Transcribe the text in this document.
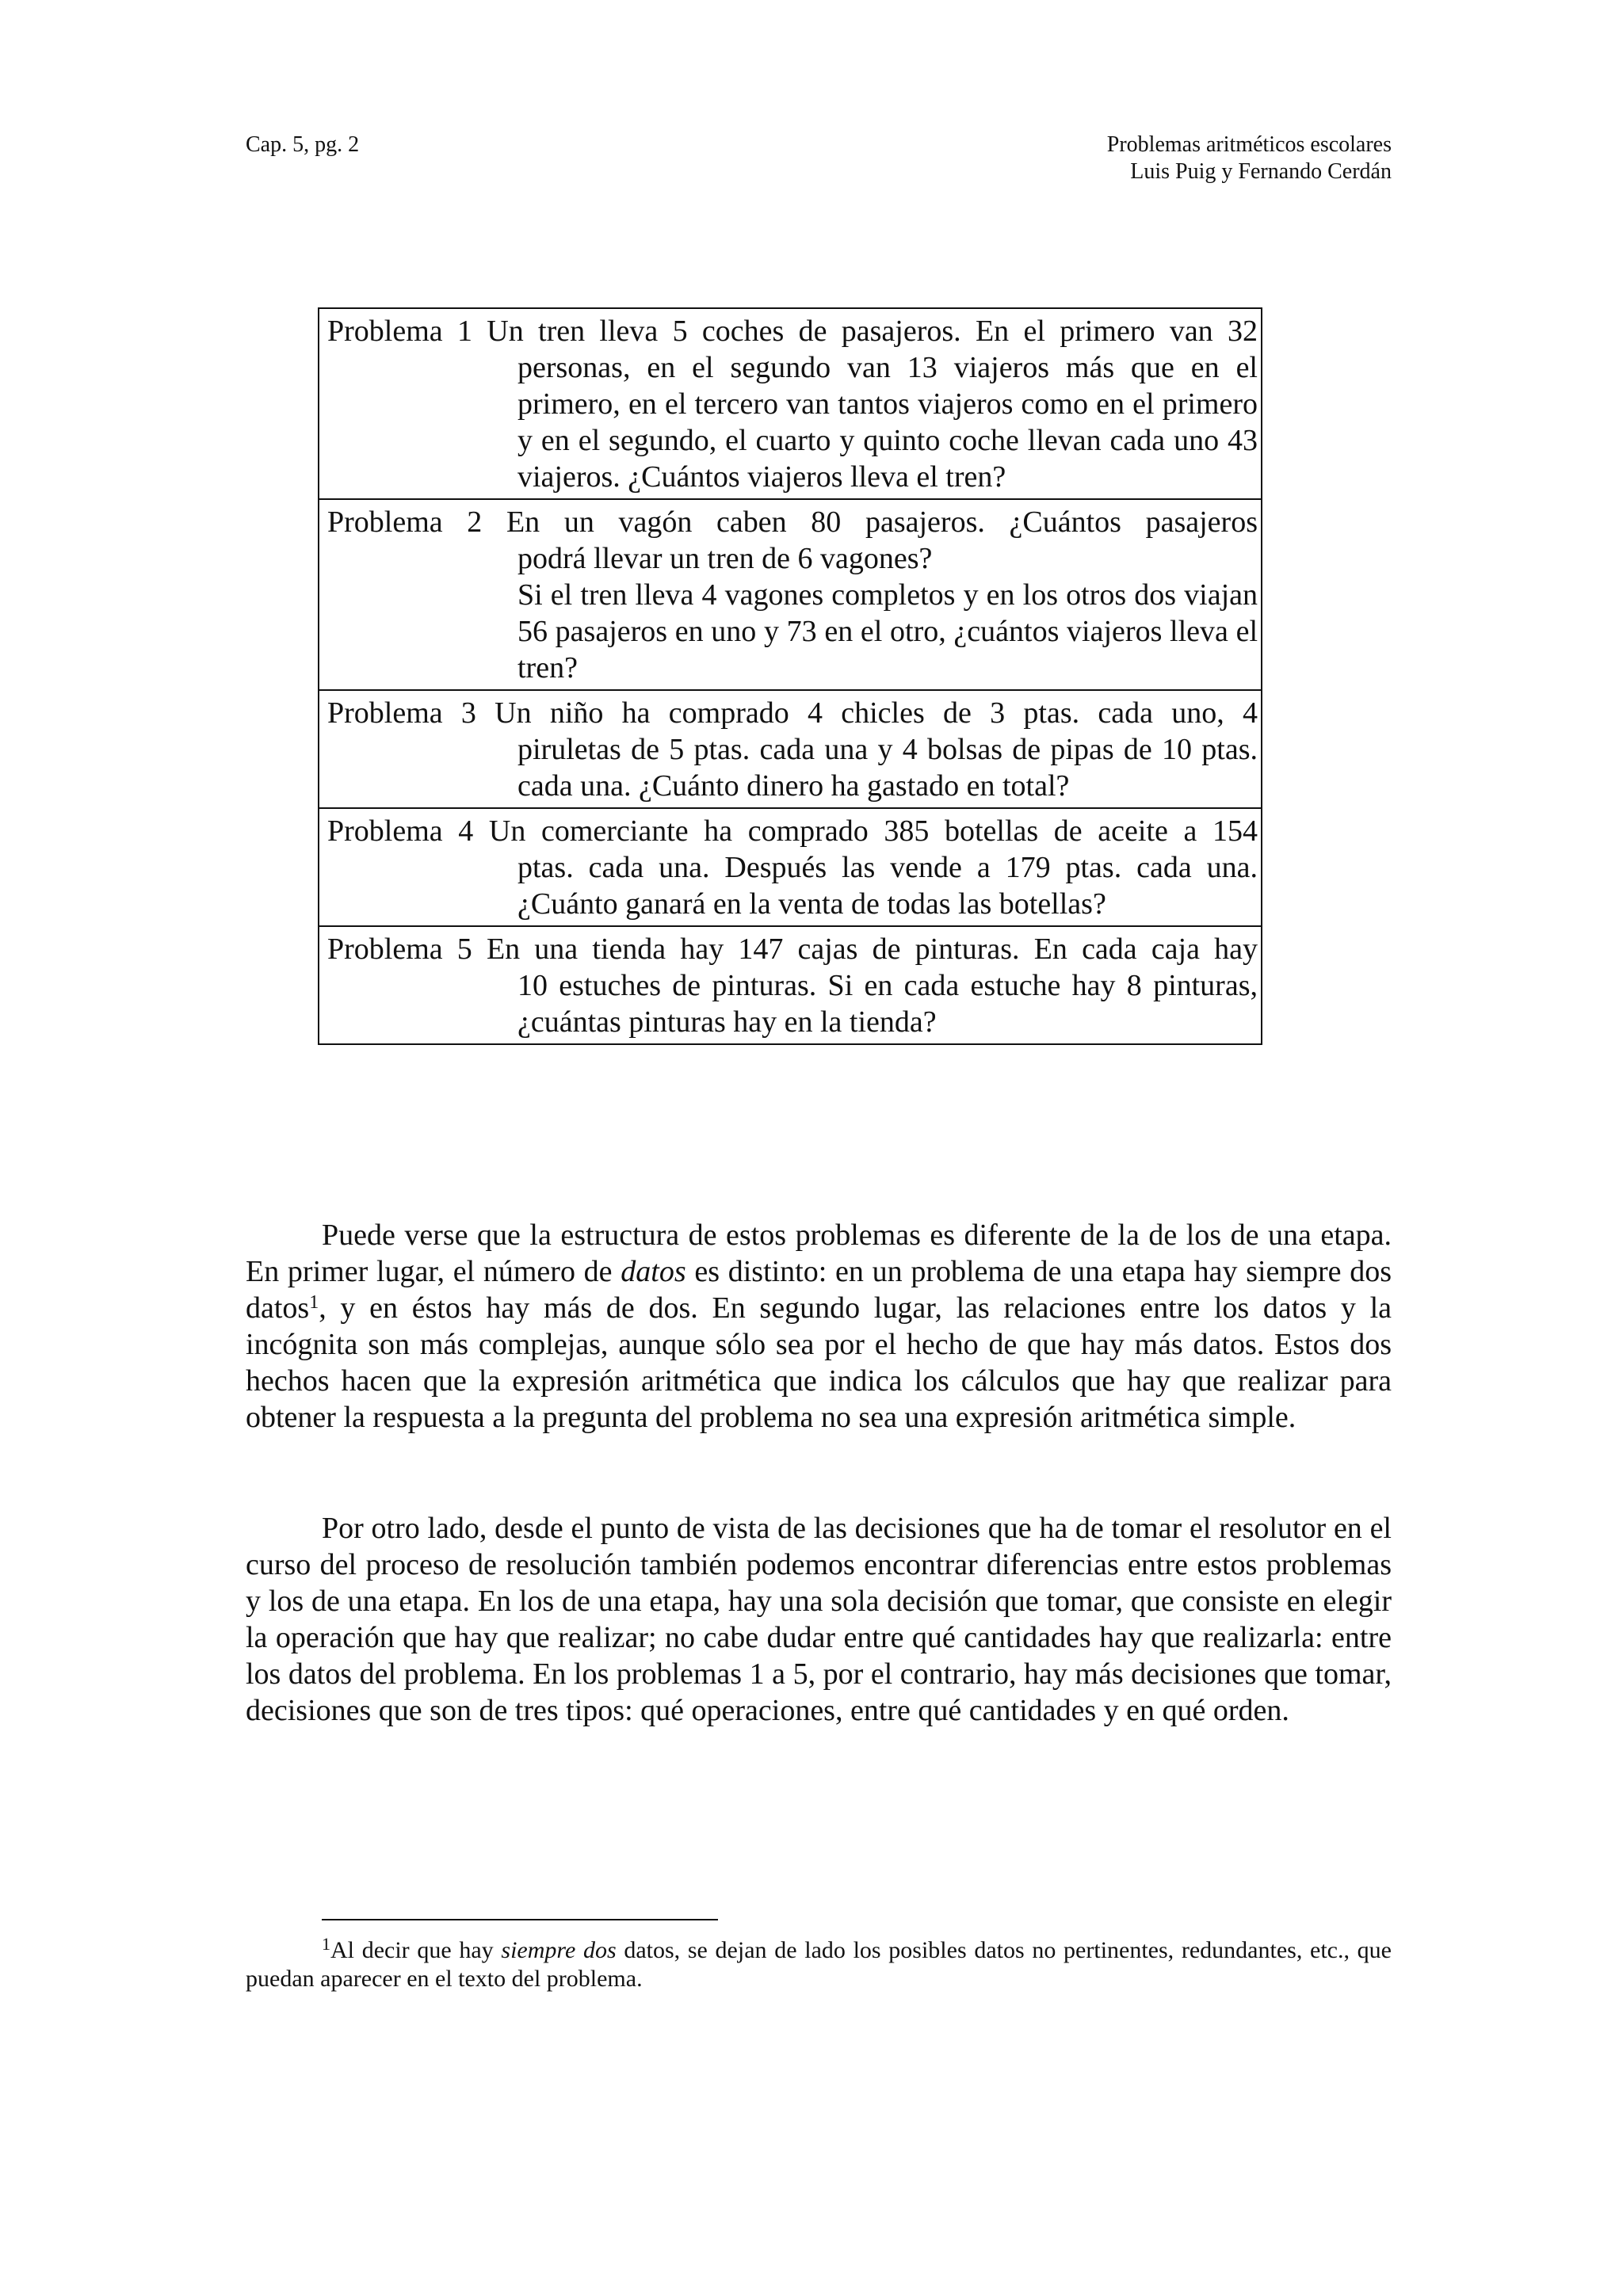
Cap. 5, pg. 2	Problemas aritméticos escolares
Luis Puig y Fernando Cerdán
Problema 1 Un tren lleva 5 coches de pasajeros. En el primero van 32
personas, en el segundo van 13 viajeros más que en el primero, en el tercero van tantos viajeros como en el primero y en el segundo, el cuarto y quinto coche llevan cada uno 43 viajeros. ¿Cuántos viajeros lleva el tren?
Problema 2 En un vagón caben 80 pasajeros. ¿Cuántos pasajeros
podrá llevar un tren de 6 vagones?
Si el tren lleva 4 vagones completos y en los otros dos viajan 56 pasajeros en uno y 73 en el otro, ¿cuántos viajeros lleva el tren?
Problema 3 Un niño ha comprado 4 chicles de 3 ptas. cada uno, 4
piruletas de 5 ptas. cada una y 4 bolsas de pipas de 10 ptas. cada una. ¿Cuánto dinero ha gastado en total?
Problema 4 Un comerciante ha comprado 385 botellas de aceite a 154
ptas. cada una. Después las vende a 179 ptas. cada una. ¿Cuánto ganará en la venta de todas las botellas?
Problema 5 En una tienda hay 147 cajas de pinturas. En cada caja hay
10 estuches de pinturas. Si en cada estuche hay 8 pinturas, ¿cuántas pinturas hay en la tienda?
Puede verse que la estructura de estos problemas es diferente de la de los de una etapa. En primer lugar, el número de datos es distinto: en un problema de una etapa hay siempre dos datos$^1$, y en éstos hay más de dos. En segundo lugar, las relaciones entre los datos y la incógnita son más complejas, aunque sólo sea por el hecho de que hay más datos. Estos dos hechos hacen que la expresión aritmética que indica los cálculos que hay que realizar para obtener la respuesta a la pregunta del problema no sea una expresión aritmética simple.
Por otro lado, desde el punto de vista de las decisiones que ha de tomar el resolutor en el curso del proceso de resolución también podemos encontrar diferencias entre estos problemas y los de una etapa. En los de una etapa, hay una sola decisión que tomar, que consiste en elegir la operación que hay que realizar; no cabe dudar entre qué cantidades hay que realizarla: entre los datos del problema. En los problemas 1 a 5, por el contrario, hay más decisiones que tomar, decisiones que son de tres tipos: qué operaciones, entre qué cantidades y en qué orden.
$^1$Al decir que hay siempre dos datos, se dejan de lado los posibles datos no pertinentes, redundantes, etc., que puedan aparecer en el texto del problema.
